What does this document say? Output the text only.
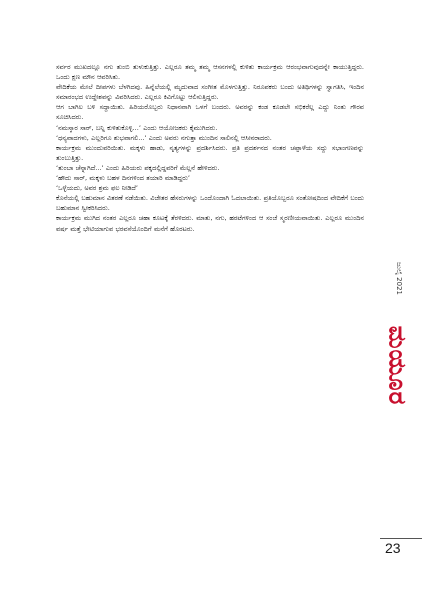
ಸರ್ವರ ಮುಖದಲ್ಲೂ ನಗು ತುಂಬಿ ತುಳುಕುತ್ತಿತ್ತು. ಎಲ್ಲರೂ ತಮ್ಮ ತಮ್ಮ ಆಸನಗಳಲ್ಲಿ ಕುಳಿತು ಕಾರ್ಯಕ್ರಮ ಆರಂಭವಾಗುವುದನ್ನೇ ಕಾಯುತ್ತಿದ್ದರು. ಒಂದು ಕ್ಷಣ ಮೌನ ಆವರಿಸಿತು.

ವೇದಿಕೆಯ ಮೇಲೆ ದೀಪಗಳು ಬೆಳಗಿದವು. ಹಿನ್ನೆಲೆಯಲ್ಲಿ ಮೃದುವಾದ ಸಂಗೀತ ಮೊಳಗುತ್ತಿತ್ತು. ನಿರೂಪಕರು ಬಂದು ಅತಿಥಿಗಳನ್ನು ಸ್ವಾಗತಿಸಿ, ಇಂದಿನ ಸಮಾರಂಭದ ಉದ್ದೇಶವನ್ನು ವಿವರಿಸಿದರು. ಎಲ್ಲರೂ ಕಿವಿಗೊಟ್ಟು ಆಲಿಸುತ್ತಿದ್ದರು.

ಆಗ ಬಾಗಿಲ ಬಳಿ ಸದ್ದಾಯಿತು. ಹಿರಿಯರೊಬ್ಬರು ನಿಧಾನವಾಗಿ ಒಳಗೆ ಬಂದರು. ಅವರನ್ನು ಕಂಡ ಕೂಡಲೇ ಸಭಿಕರೆಲ್ಲ ಎದ್ದು ನಿಂತು ಗೌರವ ಸೂಚಿಸಿದರು.

‘ನಮಸ್ಕಾರ ಸಾರ್, ಬನ್ನಿ ಕುಳಿತುಕೊಳ್ಳಿ...’ ಎಂದು ಆಯೋಜಕರು ಕೈಮುಗಿದರು.

‘ಧನ್ಯವಾದಗಳು, ಎಲ್ಲರಿಗೂ ಶುಭವಾಗಲಿ...’ ಎಂದು ಅವರು ನಗುತ್ತಾ ಮುಂದಿನ ಸಾಲಿನಲ್ಲಿ ಆಸೀನರಾದರು.

ಕಾರ್ಯಕ್ರಮ ಮುಂದುವರಿಯಿತು. ಮಕ್ಕಳು ಹಾಡು, ನೃತ್ಯಗಳನ್ನು ಪ್ರದರ್ಶಿಸಿದರು. ಪ್ರತಿ ಪ್ರದರ್ಶನದ ನಂತರ ಚಪ್ಪಾಳೆಯ ಸದ್ದು ಸಭಾಂಗಣವನ್ನು ತುಂಬುತ್ತಿತ್ತು.

‘ತುಂಬಾ ಚೆನ್ನಾಗಿದೆ...’ ಎಂದು ಹಿರಿಯರು ಪಕ್ಕದಲ್ಲಿದ್ದವರಿಗೆ ಮೆಲ್ಲನೆ ಹೇಳಿದರು.

‘ಹೌದು ಸಾರ್, ಮಕ್ಕಳು ಬಹಳ ದಿನಗಳಿಂದ ತಯಾರಿ ಮಾಡಿದ್ದರು’

‘ಒಳ್ಳೆಯದು, ಅವರ ಶ್ರಮ ಫಲ ನೀಡಿದೆ’

ಕೊನೆಯಲ್ಲಿ ಬಹುಮಾನ ವಿತರಣೆ ನಡೆಯಿತು. ವಿಜೇತರ ಹೆಸರುಗಳನ್ನು ಒಂದೊಂದಾಗಿ ಓದಲಾಯಿತು. ಪ್ರತಿಯೊಬ್ಬರೂ ಸಂತೋಷದಿಂದ ವೇದಿಕೆಗೆ ಬಂದು ಬಹುಮಾನ ಸ್ವೀಕರಿಸಿದರು.

ಕಾರ್ಯಕ್ರಮ ಮುಗಿದ ನಂತರ ಎಲ್ಲರೂ ಚಹಾ ಕೂಟಕ್ಕೆ ತೆರಳಿದರು. ಮಾತು, ನಗು, ಹರಟೆಗಳಿಂದ ಆ ಸಂಜೆ ಸ್ಮರಣೀಯವಾಯಿತು. ಎಲ್ಲರೂ ಮುಂದಿನ ವರ್ಷ ಮತ್ತೆ ಭೇಟಿಯಾಗುವ ಭರವಸೆಯೊಂದಿಗೆ ಮನೆಗೆ ಹೊರಟರು.

ಜುಲೈ 2021
ಮಯೂರ
23
